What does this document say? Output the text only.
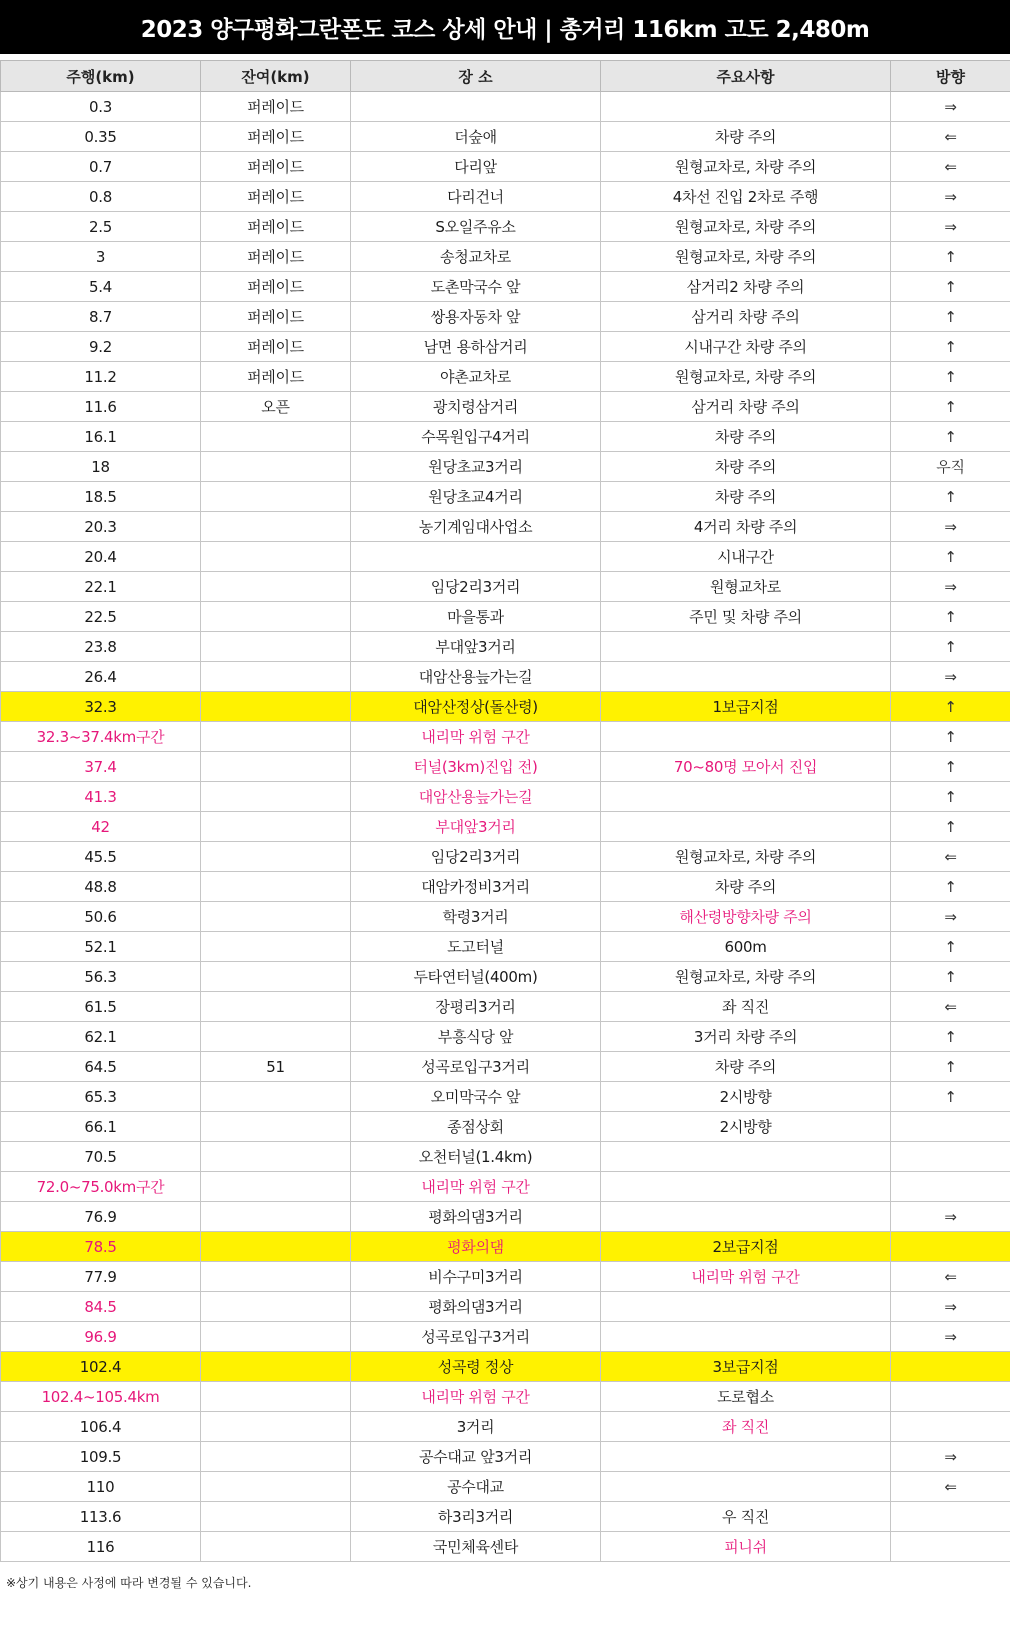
2023 양구평화그란폰도 코스 상세 안내 | 총거리 116km 고도 2,480m
주행(km)	잔여(km)	장 소	주요사항	방향
0.3	퍼레이드			⇒
0.35	퍼레이드	더숲애	차량 주의	⇐
0.7	퍼레이드	다리앞	원형교차로, 차량 주의	⇐
0.8	퍼레이드	다리건너	4차선 진입 2차로 주행	⇒
2.5	퍼레이드	S오일주유소	원형교차로, 차량 주의	⇒
3	퍼레이드	송청교차로	원형교차로, 차량 주의	↑
5.4	퍼레이드	도촌막국수 앞	삼거리2 차량 주의	↑
8.7	퍼레이드	쌍용자동차 앞	삼거리 차량 주의	↑
9.2	퍼레이드	남면 용하삼거리	시내구간 차량 주의	↑
11.2	퍼레이드	야촌교차로	원형교차로, 차량 주의	↑
11.6	오픈	광치령삼거리	삼거리 차량 주의	↑
16.1		수목원입구4거리	차량 주의	↑
18		원당초교3거리	차량 주의	우직
18.5		원당초교4거리	차량 주의	↑
20.3		농기계임대사업소	4거리 차량 주의	⇒
20.4			시내구간	↑
22.1		임당2리3거리	원형교차로	⇒
22.5		마을통과	주민 및 차량 주의	↑
23.8		부대앞3거리		↑
26.4		대암산용늪가는길		⇒
32.3		대암산정상(돌산령)	1보급지점	↑
32.3~37.4km구간		내리막 위험 구간		↑
37.4		터널(3km)진입 전)	70~80명 모아서 진입	↑
41.3		대암산용늪가는길		↑
42		부대앞3거리		↑
45.5		임당2리3거리	원형교차로, 차량 주의	⇐
48.8		대암카정비3거리	차량 주의	↑
50.6		학령3거리	해산령방향차량 주의	⇒
52.1		도고터널	600m	↑
56.3		두타연터널(400m)	원형교차로, 차량 주의	↑
61.5		장평리3거리	좌 직진	⇐
62.1		부흥식당 앞	3거리 차량 주의	↑
64.5	51	성곡로입구3거리	차량 주의	↑
65.3		오미막국수 앞	2시방향	↑
66.1		종점상회	2시방향	
70.5		오천터널(1.4km)		
72.0~75.0km구간		내리막 위험 구간		
76.9		평화의댐3거리		⇒
78.5		평화의댐	2보급지점	
77.9		비수구미3거리	내리막 위험 구간	⇐
84.5		평화의댐3거리		⇒
96.9		성곡로입구3거리		⇒
102.4		성곡령 정상	3보급지점	
102.4~105.4km		내리막 위험 구간	도로협소	
106.4		3거리	좌 직진	
109.5		공수대교 앞3거리		⇒
110		공수대교		⇐
113.6		하3리3거리	우 직진	
116		국민체육센타	피니쉬	
※상기 내용은 사정에 따라 변경될 수 있습니다.
